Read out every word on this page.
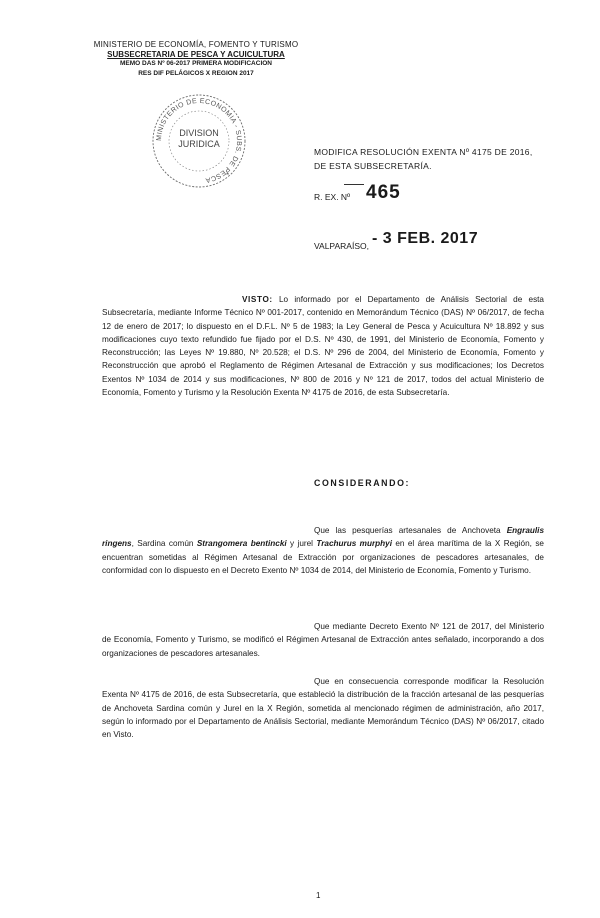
MINISTERIO DE ECONOMÍA, FOMENTO Y TURISMO
SUBSECRETARIA DE PESCA Y ACUICULTURA
MEMO DAS Nº 06-2017 PRIMERA MODIFICACION
RES DIF PELÁGICOS X REGION 2017
MINISTERIO DE ECONOMIA - SUBS. DE PESCA
DIVISION
JURIDICA
*
MODIFICA RESOLUCIÓN EXENTA Nº 4175 DE 2016,
DE ESTA SUBSECRETARÍA.
R. EX. Nº 465
VALPARAÍSO, - 3 FEB. 2017

VISTO: Lo informado por el Departamento de Análisis Sectorial de esta Subsecretaría, mediante Informe Técnico Nº 001-2017, contenido en Memorándum Técnico (DAS) Nº 06/2017, de fecha 12 de enero de 2017; lo dispuesto en el D.F.L. Nº 5 de 1983; la Ley General de Pesca y Acuicultura Nº 18.892 y sus modificaciones cuyo texto refundido fue fijado por el D.S. Nº 430, de 1991, del Ministerio de Economía, Fomento y Reconstrucción; las Leyes Nº 19.880, Nº 20.528; el D.S. Nº 296 de 2004, del Ministerio de Economía, Fomento y Reconstrucción que aprobó el Reglamento de Régimen Artesanal de Extracción y sus modificaciones; los Decretos Exentos Nº 1034 de 2014 y sus modificaciones, Nº 800 de 2016 y Nº 121 de 2017, todos del actual Ministerio de Economía, Fomento y Turismo y la Resolución Exenta Nº 4175 de 2016, de esta Subsecretaría.

CONSIDERANDO:

Que las pesquerías artesanales de Anchoveta Engraulis ringens, Sardina común Strangomera bentincki y jurel Trachurus murphyi en el área marítima de la X Región, se encuentran sometidas al Régimen Artesanal de Extracción por organizaciones de pescadores artesanales, de conformidad con lo dispuesto en el Decreto Exento Nº 1034 de 2014, del Ministerio de Economía, Fomento y Turismo.

Que mediante Decreto Exento Nº 121 de 2017, del Ministerio de Economía, Fomento y Turismo, se modificó el Régimen Artesanal de Extracción antes señalado, incorporando a dos organizaciones de pescadores artesanales.

Que en consecuencia corresponde modificar la Resolución Exenta Nº 4175 de 2016, de esta Subsecretaría, que estableció la distribución de la fracción artesanal de las pesquerías de Anchoveta Sardina común y Jurel en la X Región, sometida al mencionado régimen de administración, año 2017, según lo informado por el Departamento de Análisis Sectorial, mediante Memorándum Técnico (DAS) Nº 06/2017, citado en Visto.

1
